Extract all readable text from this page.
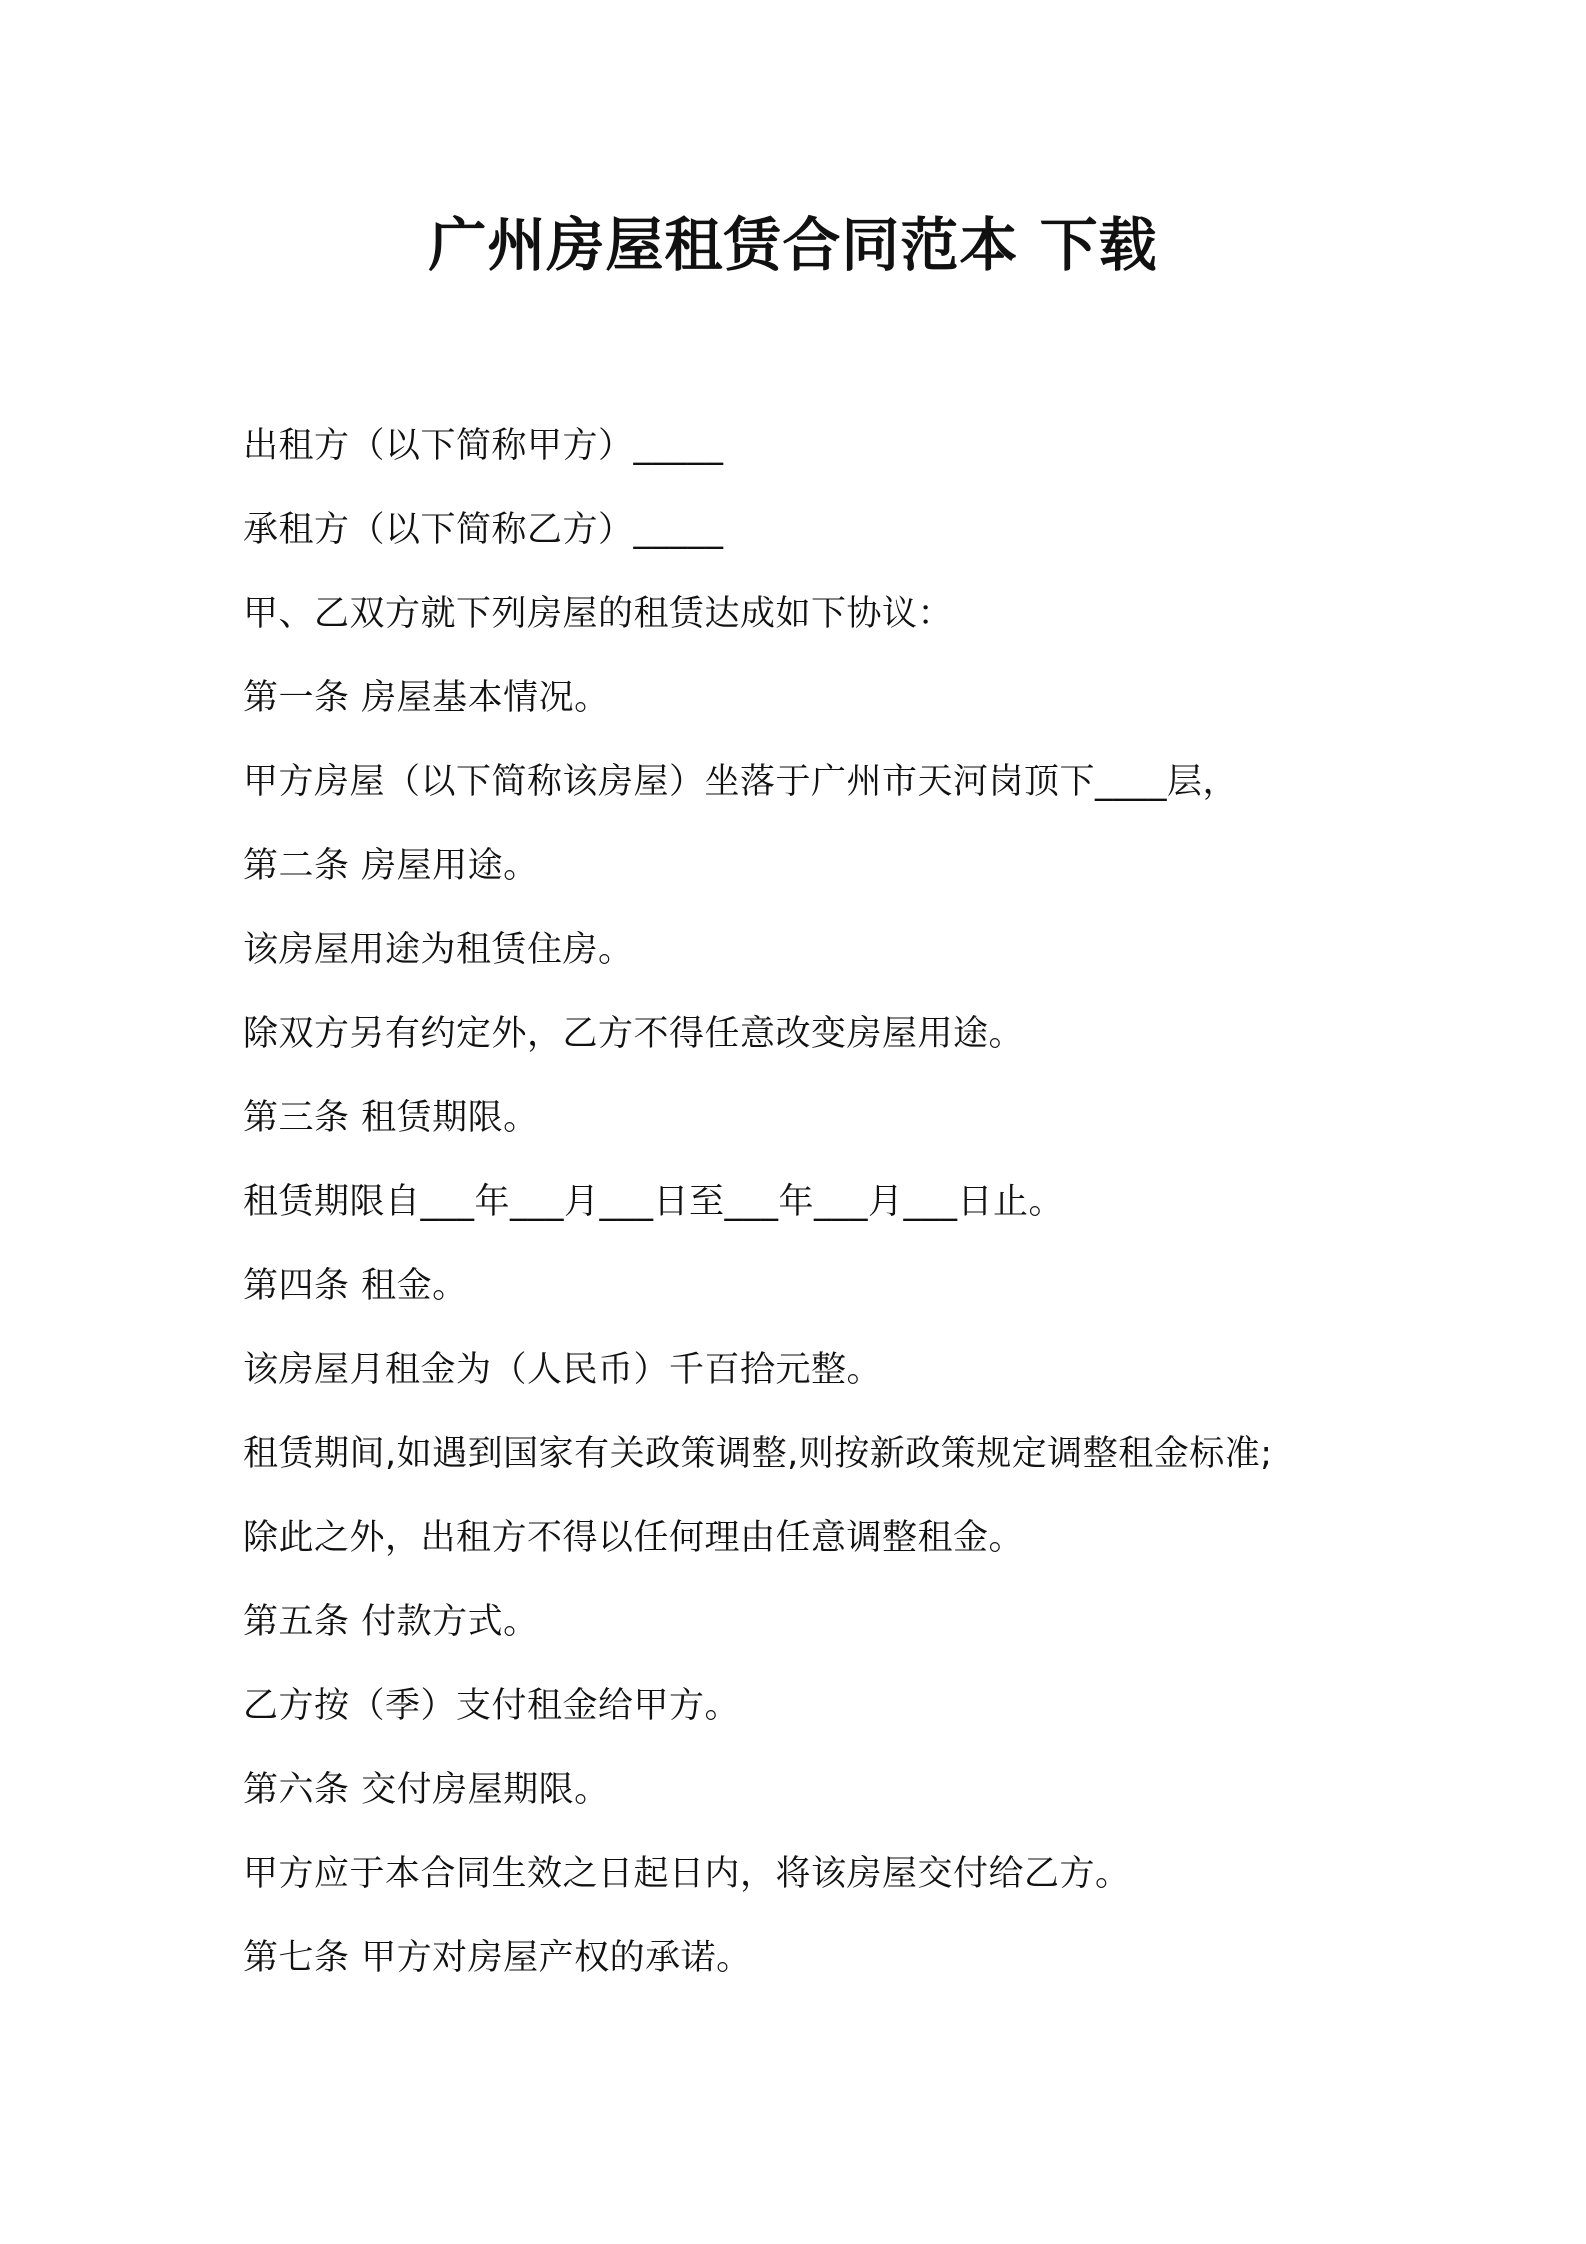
广州房屋租赁合同范本 下载
出租方（以下简称甲方）_____
承租方（以下简称乙方）_____
甲、乙双方就下列房屋的租赁达成如下协议：
第一条 房屋基本情况。
甲方房屋（以下简称该房屋）坐落于广州市天河岗顶下____层，
第二条 房屋用途。
该房屋用途为租赁住房。
除双方另有约定外，乙方不得任意改变房屋用途。
第三条 租赁期限。
租赁期限自___年___月___日至___年___月___日止。
第四条 租金。
该房屋月租金为（人民币）千百拾元整。
租赁期间,如遇到国家有关政策调整,则按新政策规定调整租金标准;
除此之外，出租方不得以任何理由任意调整租金。
第五条 付款方式。
乙方按（季）支付租金给甲方。
第六条 交付房屋期限。
甲方应于本合同生效之日起日内，将该房屋交付给乙方。
第七条 甲方对房屋产权的承诺。
